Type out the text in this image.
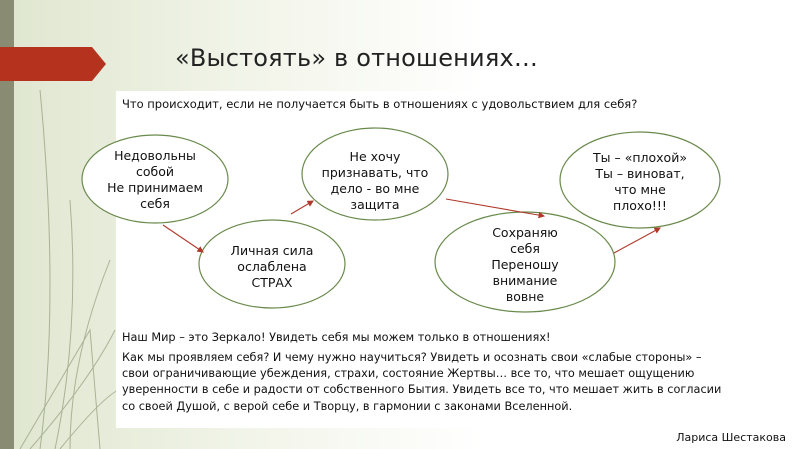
«Выстоять» в отношениях…
Что происходит, если не получается быть в отношениях с удовольствием для себя?
Недовольны
собой
Не принимаем
себя
Личная сила
ослаблена
СТРАХ
Не хочу
признавать, что
дело - во мне
защита
Сохраняю
себя
Переношу
внимание
вовне
Ты – «плохой»
Ты – виноват,
что мне
плохо!!!
Наш Мир – это Зеркало! Увидеть себя мы можем только в отношениях!
Как мы проявляем себя? И чему нужно научиться? Увидеть и осознать свои «слабые стороны» – свои ограничивающие убеждения, страхи, состояние Жертвы… все то, что мешает ощущению уверенности в себе и радости от собственного Бытия. Увидеть все то, что мешает жить в согласии со своей Душой, с верой себе и Творцу, в гармонии с законами Вселенной.
Лариса Шестакова
